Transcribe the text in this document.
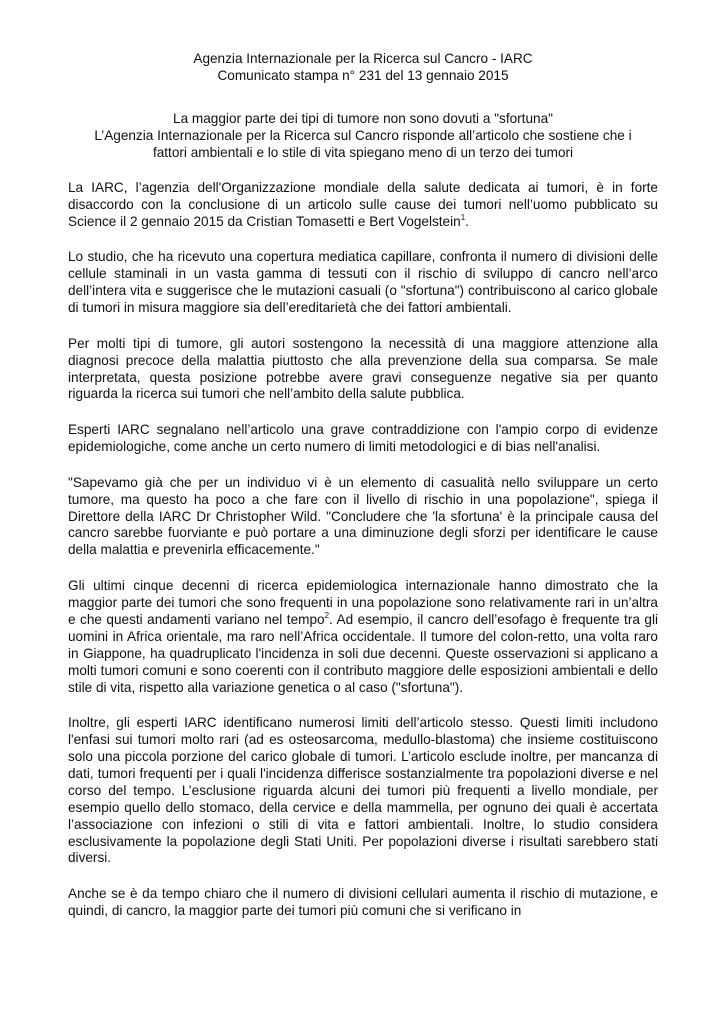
Agenzia Internazionale per la Ricerca sul Cancro - IARC
Comunicato stampa n° 231 del 13 gennaio 2015
La maggior parte dei tipi di tumore non sono dovuti a "sfortuna"
L’Agenzia Internazionale per la Ricerca sul Cancro risponde all’articolo che sostiene che i
fattori ambientali e lo stile di vita spiegano meno di un terzo dei tumori

La IARC, l’agenzia dell'Organizzazione mondiale della salute dedicata ai tumori, è in forte disaccordo con la conclusione di un articolo sulle cause dei tumori nell’uomo pubblicato su Science il 2 gennaio 2015 da Cristian Tomasetti e Bert Vogelstein$^1$.

Lo studio, che ha ricevuto una copertura mediatica capillare, confronta il numero di divisioni delle cellule staminali in un vasta gamma di tessuti con il rischio di sviluppo di cancro nell’arco dell’intera vita e suggerisce che le mutazioni casuali (o "sfortuna") contribuiscono al carico globale di tumori in misura maggiore sia dell’ereditarietà che dei fattori ambientali.

Per molti tipi di tumore, gli autori sostengono la necessità di una maggiore attenzione alla diagnosi precoce della malattia piuttosto che alla prevenzione della sua comparsa. Se male interpretata, questa posizione potrebbe avere gravi conseguenze negative sia per quanto riguarda la ricerca sui tumori che nell’ambito della salute pubblica.

Esperti IARC segnalano nell’articolo una grave contraddizione con l'ampio corpo di evidenze epidemiologiche, come anche un certo numero di limiti metodologici e di bias nell'analisi.

"Sapevamo già che per un individuo vi è un elemento di casualità nello sviluppare un certo tumore, ma questo ha poco a che fare con il livello di rischio in una popolazione", spiega il Direttore della IARC Dr Christopher Wild. "Concludere che 'la sfortuna' è la principale causa del cancro sarebbe fuorviante e può portare a una diminuzione degli sforzi per identificare le cause della malattia e prevenirla efficacemente."

Gli ultimi cinque decenni di ricerca epidemiologica internazionale hanno dimostrato che la maggior parte dei tumori che sono frequenti in una popolazione sono relativamente rari in un’altra e che questi andamenti variano nel tempo$^2$. Ad esempio, il cancro dell’esofago è frequente tra gli uomini in Africa orientale, ma raro nell’Africa occidentale. Il tumore del colon-retto, una volta raro in Giappone, ha quadruplicato l'incidenza in soli due decenni. Queste osservazioni si applicano a molti tumori comuni e sono coerenti con il contributo maggiore delle esposizioni ambientali e dello stile di vita, rispetto alla variazione genetica o al caso ("sfortuna").

Inoltre, gli esperti IARC identificano numerosi limiti dell’articolo stesso. Questi limiti includono l'enfasi sui tumori molto rari (ad es osteosarcoma, medullo-blastoma) che insieme costituiscono solo una piccola porzione del carico globale di tumori. L’articolo esclude inoltre, per mancanza di dati, tumori frequenti per i quali l'incidenza differisce sostanzialmente tra popolazioni diverse e nel corso del tempo. L’esclusione riguarda alcuni dei tumori più frequenti a livello mondiale, per esempio quello dello stomaco, della cervice e della mammella, per ognuno dei quali è accertata l’associazione con infezioni o stili di vita e fattori ambientali. Inoltre, lo studio considera esclusivamente la popolazione degli Stati Uniti. Per popolazioni diverse i risultati sarebbero stati diversi.

Anche se è da tempo chiaro che il numero di divisioni cellulari aumenta il rischio di mutazione, e quindi, di cancro, la maggior parte dei tumori più comuni che si verificano in
